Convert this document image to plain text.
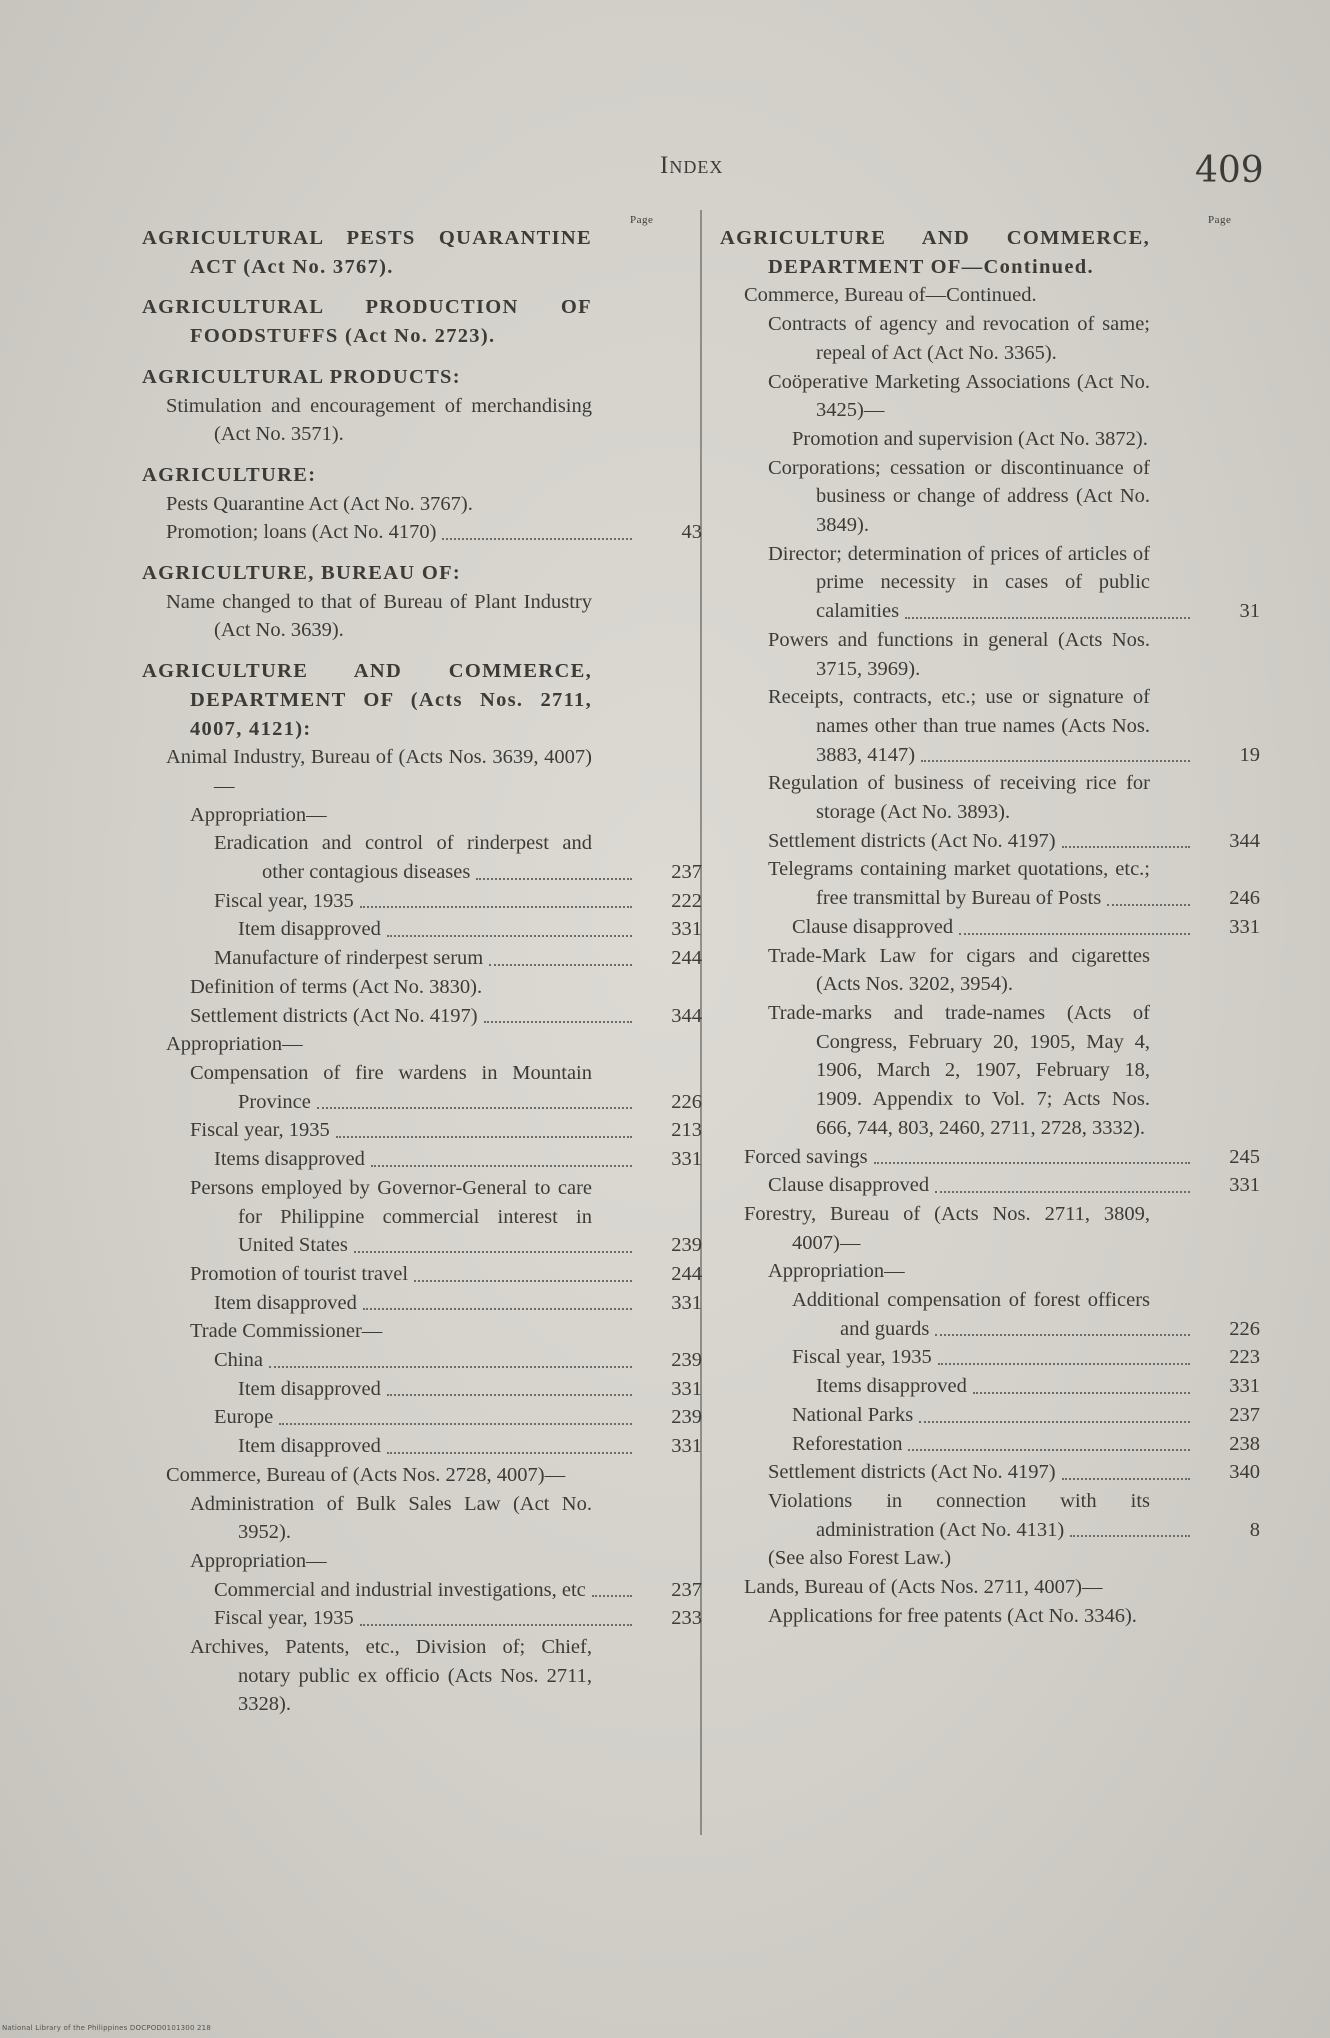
Index	409
Page	Page
AGRICULTURAL PESTS QUARANTINE ACT (Act No. 3767).
AGRICULTURAL PRODUCTION OF FOODSTUFFS (Act No. 2723).
AGRICULTURAL PRODUCTS:
Stimulation and encouragement of merchandising (Act No. 3571).
AGRICULTURE:
Pests Quarantine Act (Act No. 3767).
Promotion; loans (Act No. 4170)	43
AGRICULTURE, BUREAU OF:
Name changed to that of Bureau of Plant Industry (Act No. 3639).
AGRICULTURE AND COMMERCE, DEPARTMENT OF (Acts Nos. 2711, 4007, 4121):
Animal Industry, Bureau of (Acts Nos. 3639, 4007)—
Appropriation—
Eradication and control of rinderpest and other contagious diseases	237
Fiscal year, 1935	222
Item disapproved	331
Manufacture of rinderpest serum	244
Definition of terms (Act No. 3830).
Settlement districts (Act No. 4197)	344
Appropriation—
Compensation of fire wardens in Mountain Province	226
Fiscal year, 1935	213
Items disapproved	331
Persons employed by Governor-General to care for Philippine commercial interest in United States	239
Promotion of tourist travel	244
Item disapproved	331
Trade Commissioner—
China	239
Item disapproved	331
Europe	239
Item disapproved	331
Commerce, Bureau of (Acts Nos. 2728, 4007)—
Administration of Bulk Sales Law (Act No. 3952).
Appropriation—
Commercial and industrial investigations, etc	237
Fiscal year, 1935	233
Archives, Patents, etc., Division of; Chief, notary public ex officio (Acts Nos. 2711, 3328).
AGRICULTURE AND COMMERCE, DEPARTMENT OF—Continued.
Commerce, Bureau of—Continued.
Contracts of agency and revocation of same; repeal of Act (Act No. 3365).
Coöperative Marketing Associations (Act No. 3425)—
Promotion and supervision (Act No. 3872).
Corporations; cessation or discontinuance of business or change of address (Act No. 3849).
Director; determination of prices of articles of prime necessity in cases of public calamities	31
Powers and functions in general (Acts Nos. 3715, 3969).
Receipts, contracts, etc.; use or signature of names other than true names (Acts Nos. 3883, 4147)	19
Regulation of business of receiving rice for storage (Act No. 3893).
Settlement districts (Act No. 4197)	344
Telegrams containing market quotations, etc.; free transmittal by Bureau of Posts	246
Clause disapproved	331
Trade-Mark Law for cigars and cigarettes (Acts Nos. 3202, 3954).
Trade-marks and trade-names (Acts of Congress, February 20, 1905, May 4, 1906, March 2, 1907, February 18, 1909. Appendix to Vol. 7; Acts Nos. 666, 744, 803, 2460, 2711, 2728, 3332).
Forced savings	245
Clause disapproved	331
Forestry, Bureau of (Acts Nos. 2711, 3809, 4007)—
Appropriation—
Additional compensation of forest officers and guards	226
Fiscal year, 1935	223
Items disapproved	331
National Parks	237
Reforestation	238
Settlement districts (Act No. 4197)	340
Violations in connection with its administration (Act No. 4131)	8
(See also Forest Law.)
Lands, Bureau of (Acts Nos. 2711, 4007)—
Applications for free patents (Act No. 3346).
National Library of the Philippines DOCPOD0101300 218
